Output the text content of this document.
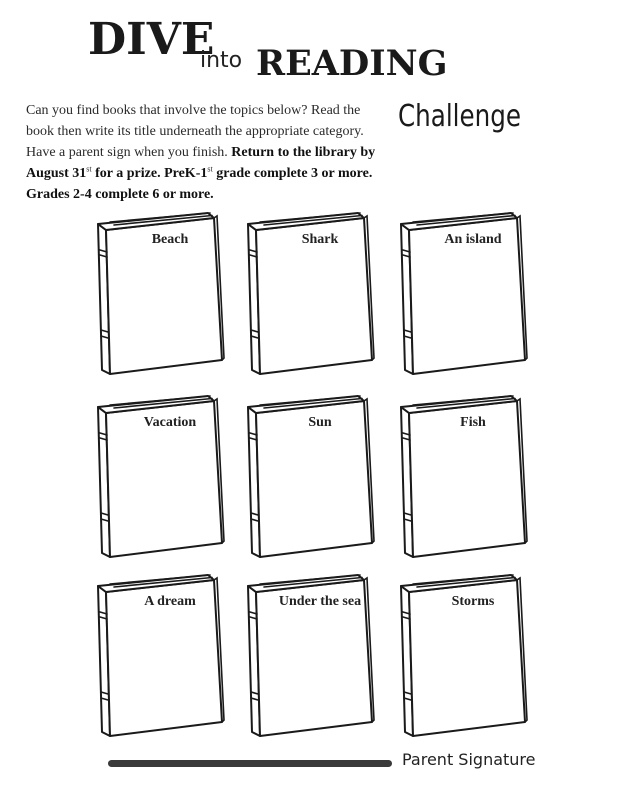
DIVE
into READING
Challenge
Can you find books that involve the topics below? Read the book then write its title underneath the appropriate category. Have a parent sign when you finish. Return to the library by August 31st for a prize. PreK-1st grade complete 3 or more. Grades 2-4 complete 6 or more.
Beach	Shark	An island
Vacation	Sun	Fish
A dream	Under the sea	Storms
Parent Signature
